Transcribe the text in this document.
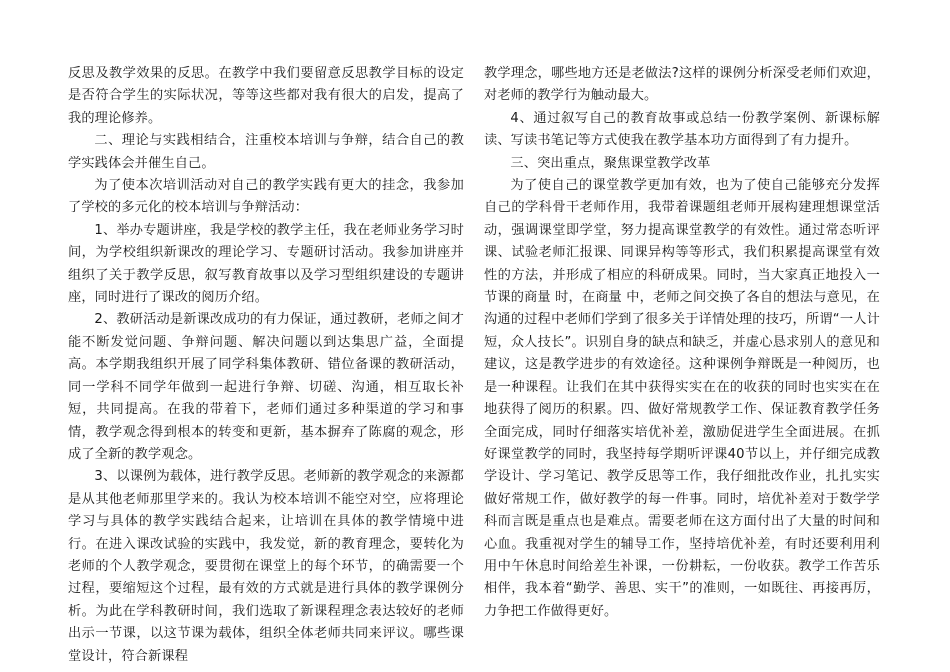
反思及教学效果的反思。在教学中我们要留意反思教学目标的设定是否符合学生的实际状况，等等这些都对我有很大的启发，提高了我的理论修养。

二、理论与实践相结合，注重校本培训与争辩，结合自己的教学实践体会并催生自己。

为了使本次培训活动对自己的教学实践有更大的挂念，我参加了学校的多元化的校本培训与争辩活动：

1、举办专题讲座，我是学校的教学主任，我在老师业务学习时间，为学校组织新课改的理论学习、专题研讨活动。我参加讲座并组织了关于教学反思，叙写教育故事以及学习型组织建设的专题讲座，同时进行了课改的阅历介绍。

2、教研活动是新课改成功的有力保证，通过教研，老师之间才能不断发觉问题、争辩问题、解决问题以到达集思广益，全面提高。本学期我组织开展了同学科集体教研、错位备课的教研活动，同一学科不同学年做到一起进行争辩、切磋、沟通，相互取长补短，共同提高。在我的带着下，老师们通过多种渠道的学习和事情，教学观念得到根本的转变和更新，基本摒弃了陈腐的观念，形成了全新的教学观念。

3、以课例为载体，进行教学反思。老师新的教学观念的来源都是从其他老师那里学来的。我认为校本培训不能空对空，应将理论学习与具体的教学实践结合起来，让培训在具体的教学情境中进行。在进入课改试验的实践中，我发觉，新的教育理念，要转化为老师的个人教学观念，要贯彻在课堂上的每个环节，的确需要一个过程，要缩短这个过程，最有效的方式就是进行具体的教学课例分析。为此在学科教研时间，我们选取了新课程理念表达较好的老师出示一节课，以这节课为载体，组织全体老师共同来评议。哪些课堂设计，符合新课程

教学理念，哪些地方还是老做法?这样的课例分析深受老师们欢迎，对老师的教学行为触动最大。

4、通过叙写自己的教育故事或总结一份教学案例、新课标解读、写读书笔记等方式使我在教学基本功方面得到了有力提升。

三、突出重点，聚焦课堂教学改革

为了使自己的课堂教学更加有效，也为了使自己能够充分发挥自己的学科骨干老师作用，我带着课题组老师开展构建理想课堂活动，强调课堂即学堂，努力提高课堂教学的有效性。通过常态听评课、试验老师汇报课、同课异构等等形式，我们积累提高课堂有效性的方法，并形成了相应的科研成果。同时，当大家真正地投入一节课的商量 时，在商量 中，老师之间交换了各自的想法与意见，在沟通的过程中老师们学到了很多关于详情处理的技巧，所谓“一人计短，众人技长”。识别自身的缺点和缺乏，并虚心恳求别人的意见和建议，这是教学进步的有效途径。这种课例争辩既是一种阅历，也是一种课程。让我们在其中获得实实在在的收获的同时也实实在在地获得了阅历的积累。四、做好常规教学工作、保证教育教学任务全面完成，同时仔细落实培优补差，激励促进学生全面进展。在抓好课堂教学的同时，我坚持每学期听评课40节以上，并仔细完成教学设计、学习笔记、教学反思等工作，我仔细批改作业，扎扎实实做好常规工作，做好教学的每一件事。同时，培优补差对于数学学科而言既是重点也是难点。需要老师在这方面付出了大量的时间和心血。我重视对学生的辅导工作，坚持培优补差，有时还要利用利用中午休息时间给差生补课，一份耕耘，一份收获。教学工作苦乐相伴，我本着“勤学、善思、实干”的准则，一如既往、再接再厉，力争把工作做得更好。
